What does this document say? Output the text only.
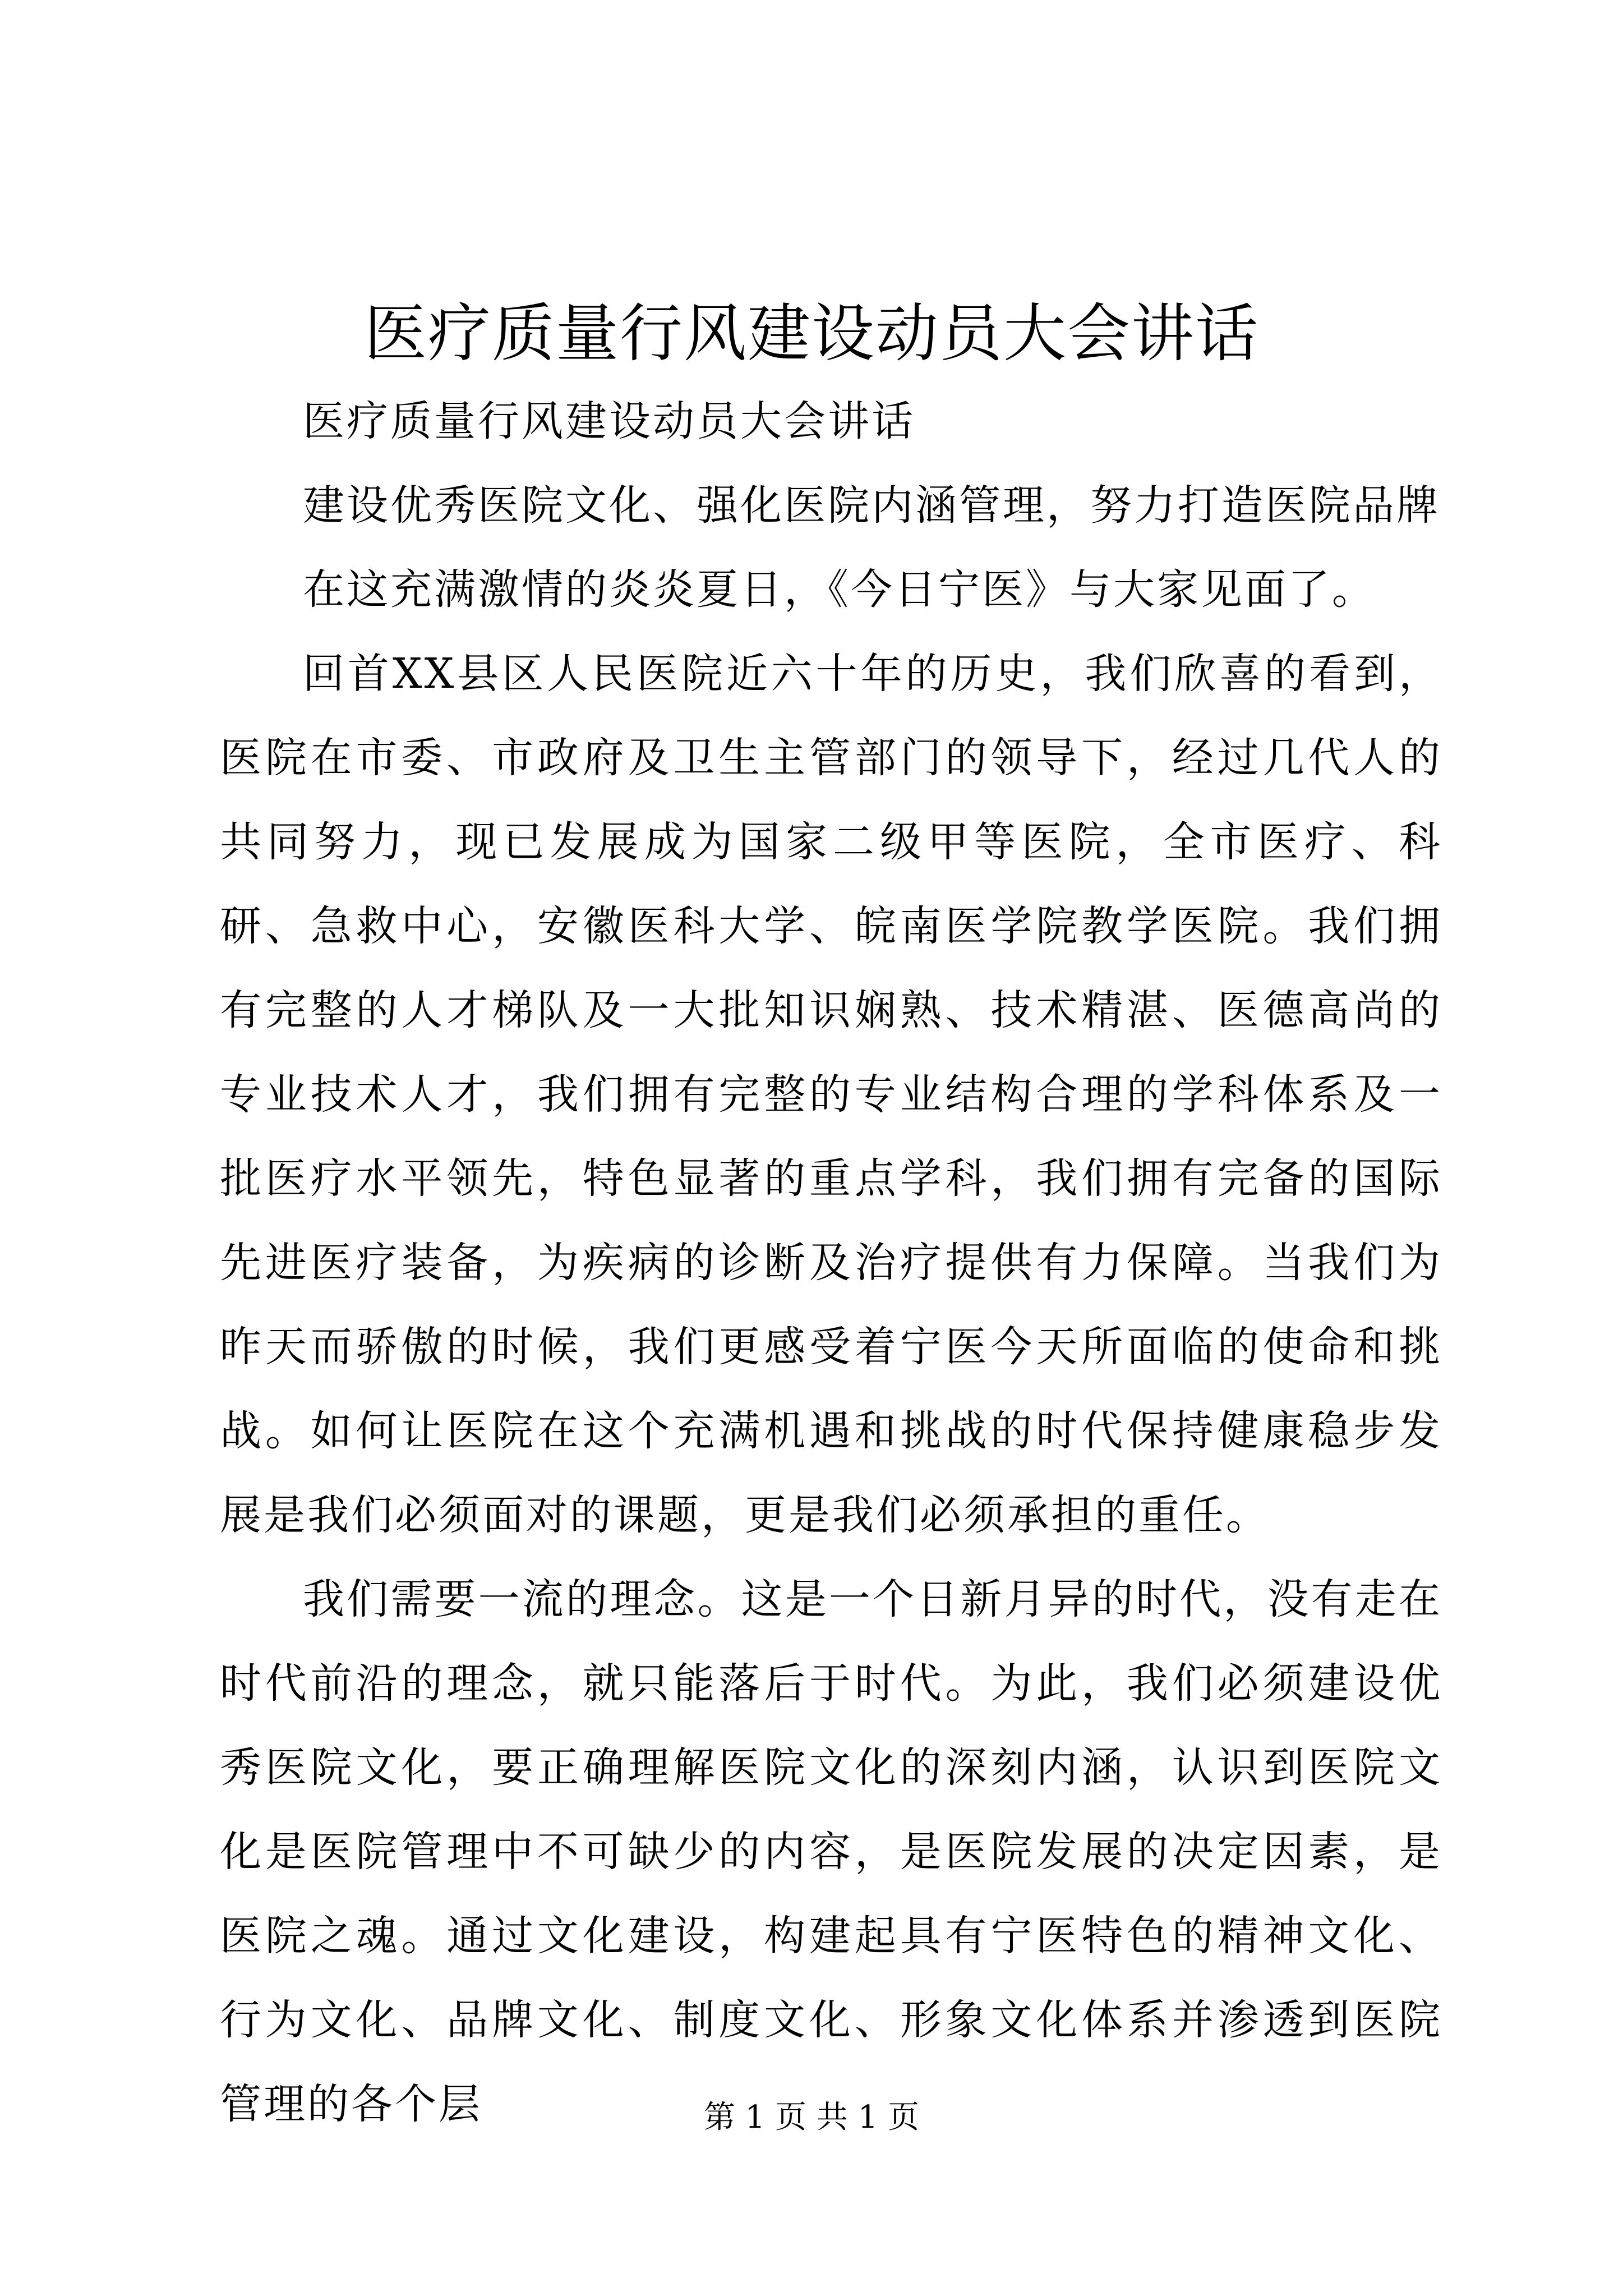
医疗质量行风建设动员大会讲话

医疗质量行风建设动员大会讲话

建设优秀医院文化、强化医院内涵管理，努力打造医院品牌

在这充满激情的炎炎夏日，《今日宁医》与大家见面了。

回首XX县区人民医院近六十年的历史，我们欣喜的看到，医院在市委、市政府及卫生主管部门的领导下，经过几代人的共同努力，现已发展成为国家二级甲等医院，全市医疗、科研、急救中心，安徽医科大学、皖南医学院教学医院。我们拥有完整的人才梯队及一大批知识娴熟、技术精湛、医德高尚的专业技术人才，我们拥有完整的专业结构合理的学科体系及一批医疗水平领先，特色显著的重点学科，我们拥有完备的国际先进医疗装备，为疾病的诊断及治疗提供有力保障。当我们为昨天而骄傲的时候，我们更感受着宁医今天所面临的使命和挑战。如何让医院在这个充满机遇和挑战的时代保持健康稳步发展是我们必须面对的课题，更是我们必须承担的重任。

我们需要一流的理念。这是一个日新月异的时代，没有走在时代前沿的理念，就只能落后于时代。为此，我们必须建设优秀医院文化，要正确理解医院文化的深刻内涵，认识到医院文化是医院管理中不可缺少的内容，是医院发展的决定因素，是医院之魂。通过文化建设，构建起具有宁医特色的精神文化、行为文化、品牌文化、制度文化、形象文化体系并渗透到医院管理的各个层	第 1 页 共 1 页
